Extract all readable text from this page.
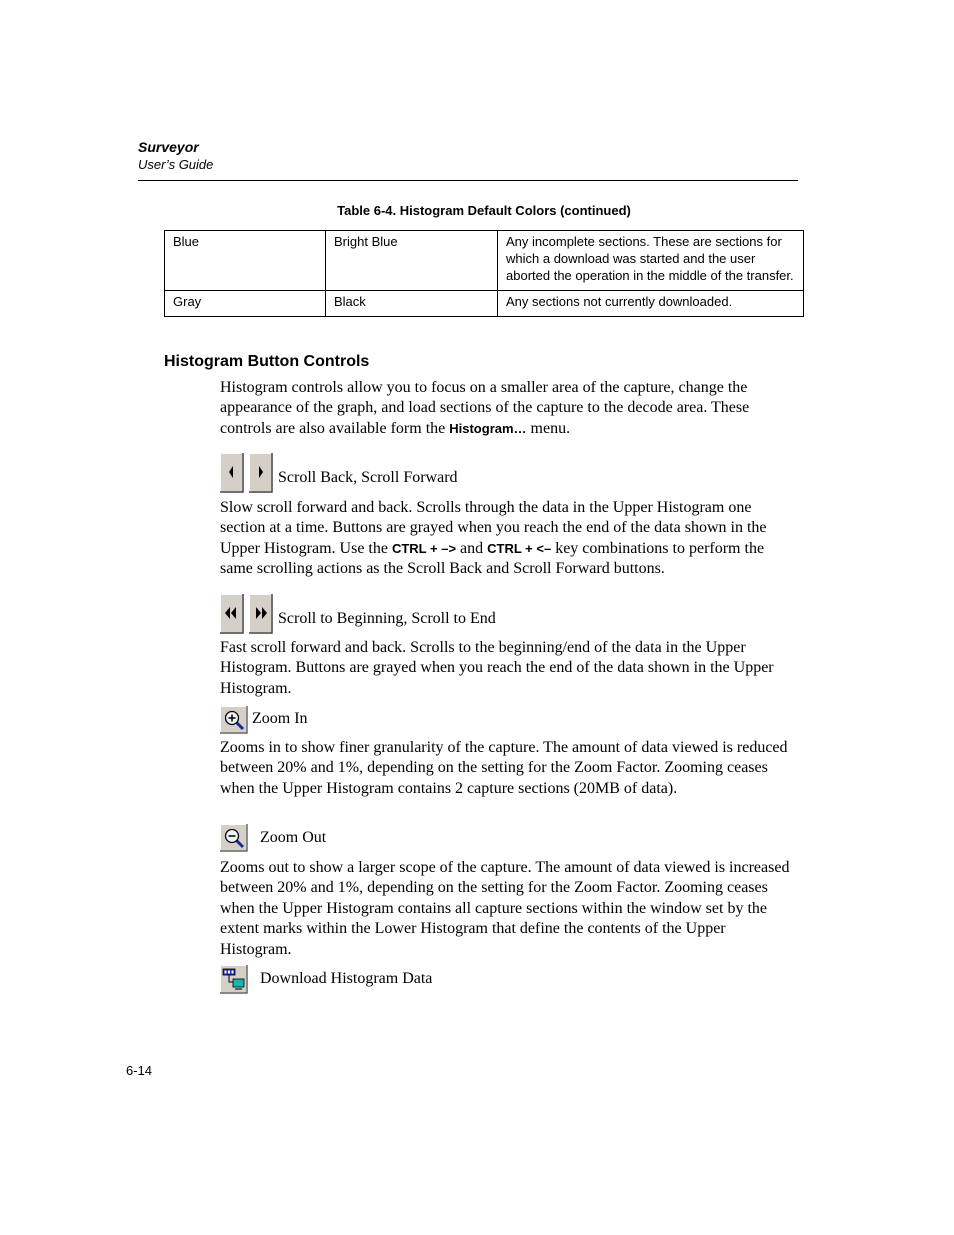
Surveyor
User’s Guide
Table 6-4. Histogram Default Colors (continued)
Blue	Bright Blue	Any incomplete sections. These are sections for which a download was started and the user aborted the operation in the middle of the transfer.
Gray	Black	Any sections not currently downloaded.
Histogram Button Controls

Histogram controls allow you to focus on a smaller area of the capture, change the appearance of the graph, and load sections of the capture to the decode area. These controls are also available form the Histogram… menu.

Scroll Back, Scroll Forward

Slow scroll forward and back. Scrolls through the data in the Upper Histogram one section at a time. Buttons are grayed when you reach the end of the data shown in the Upper Histogram. Use the CTRL + –> and CTRL + <– key combinations to perform the same scrolling actions as the Scroll Back and Scroll Forward buttons.

Scroll to Beginning, Scroll to End

Fast scroll forward and back. Scrolls to the beginning/end of the data in the Upper Histogram. Buttons are grayed when you reach the end of the data shown in the Upper Histogram.

Zoom In

Zooms in to show finer granularity of the capture. The amount of data viewed is reduced between 20% and 1%, depending on the setting for the Zoom Factor. Zooming ceases when the Upper Histogram contains 2 capture sections (20MB of data).

Zoom Out

Zooms out to show a larger scope of the capture. The amount of data viewed is increased between 20% and 1%, depending on the setting for the Zoom Factor. Zooming ceases when the Upper Histogram contains all capture sections within the window set by the extent marks within the Lower Histogram that define the contents of the Upper Histogram.

Download Histogram Data
6-14
